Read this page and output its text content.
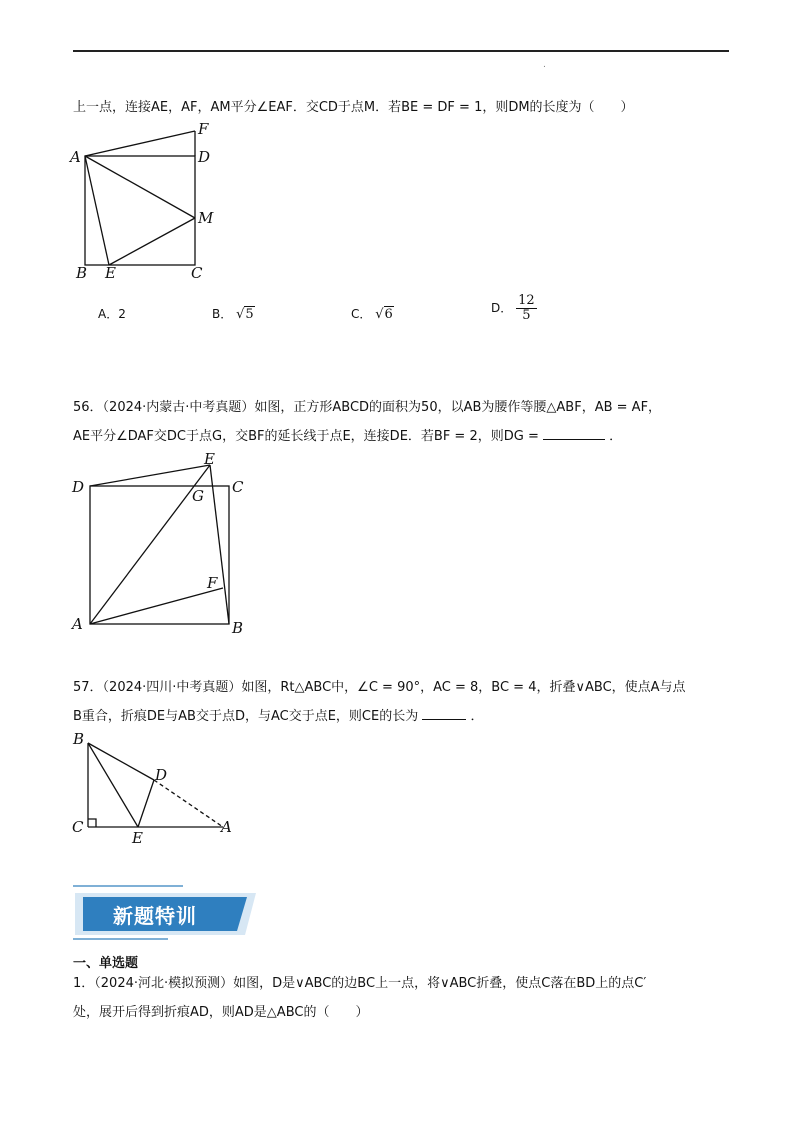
.
上一点，连接AE，AF，AM平分∠EAF．交CD于点M．若BE = DF = 1，则DM的长度为（　　）
A
B	C
D
E
F
M
A．2	B． √5	C． √6	D． $\frac{12}{5}$
56．（2024·内蒙古·中考真题）如图，正方形ABCD的面积为50，以AB为腰作等腰△ABF，AB = AF，
AE平分∠DAF交DC于点G，交BF的延长线于点E，连接DE．若BF = 2，则DG =	．
A	B
C
D
E
F
G
57．（2024·四川·中考真题）如图，Rt△ABC中，∠C = 90°，AC = 8，BC = 4，折叠∨ABC，使点A与点
B重合，折痕DE与AB交于点D，与AC交于点E，则CE的长为	．
B
C
D
E
A
新题特训
一、单选题
1．（2024·河北·模拟预测）如图，D是∨ABC的边BC上一点，将∨ABC折叠，使点C落在BD上的点C′
处，展开后得到折痕AD，则AD是△ABC的（　　）
